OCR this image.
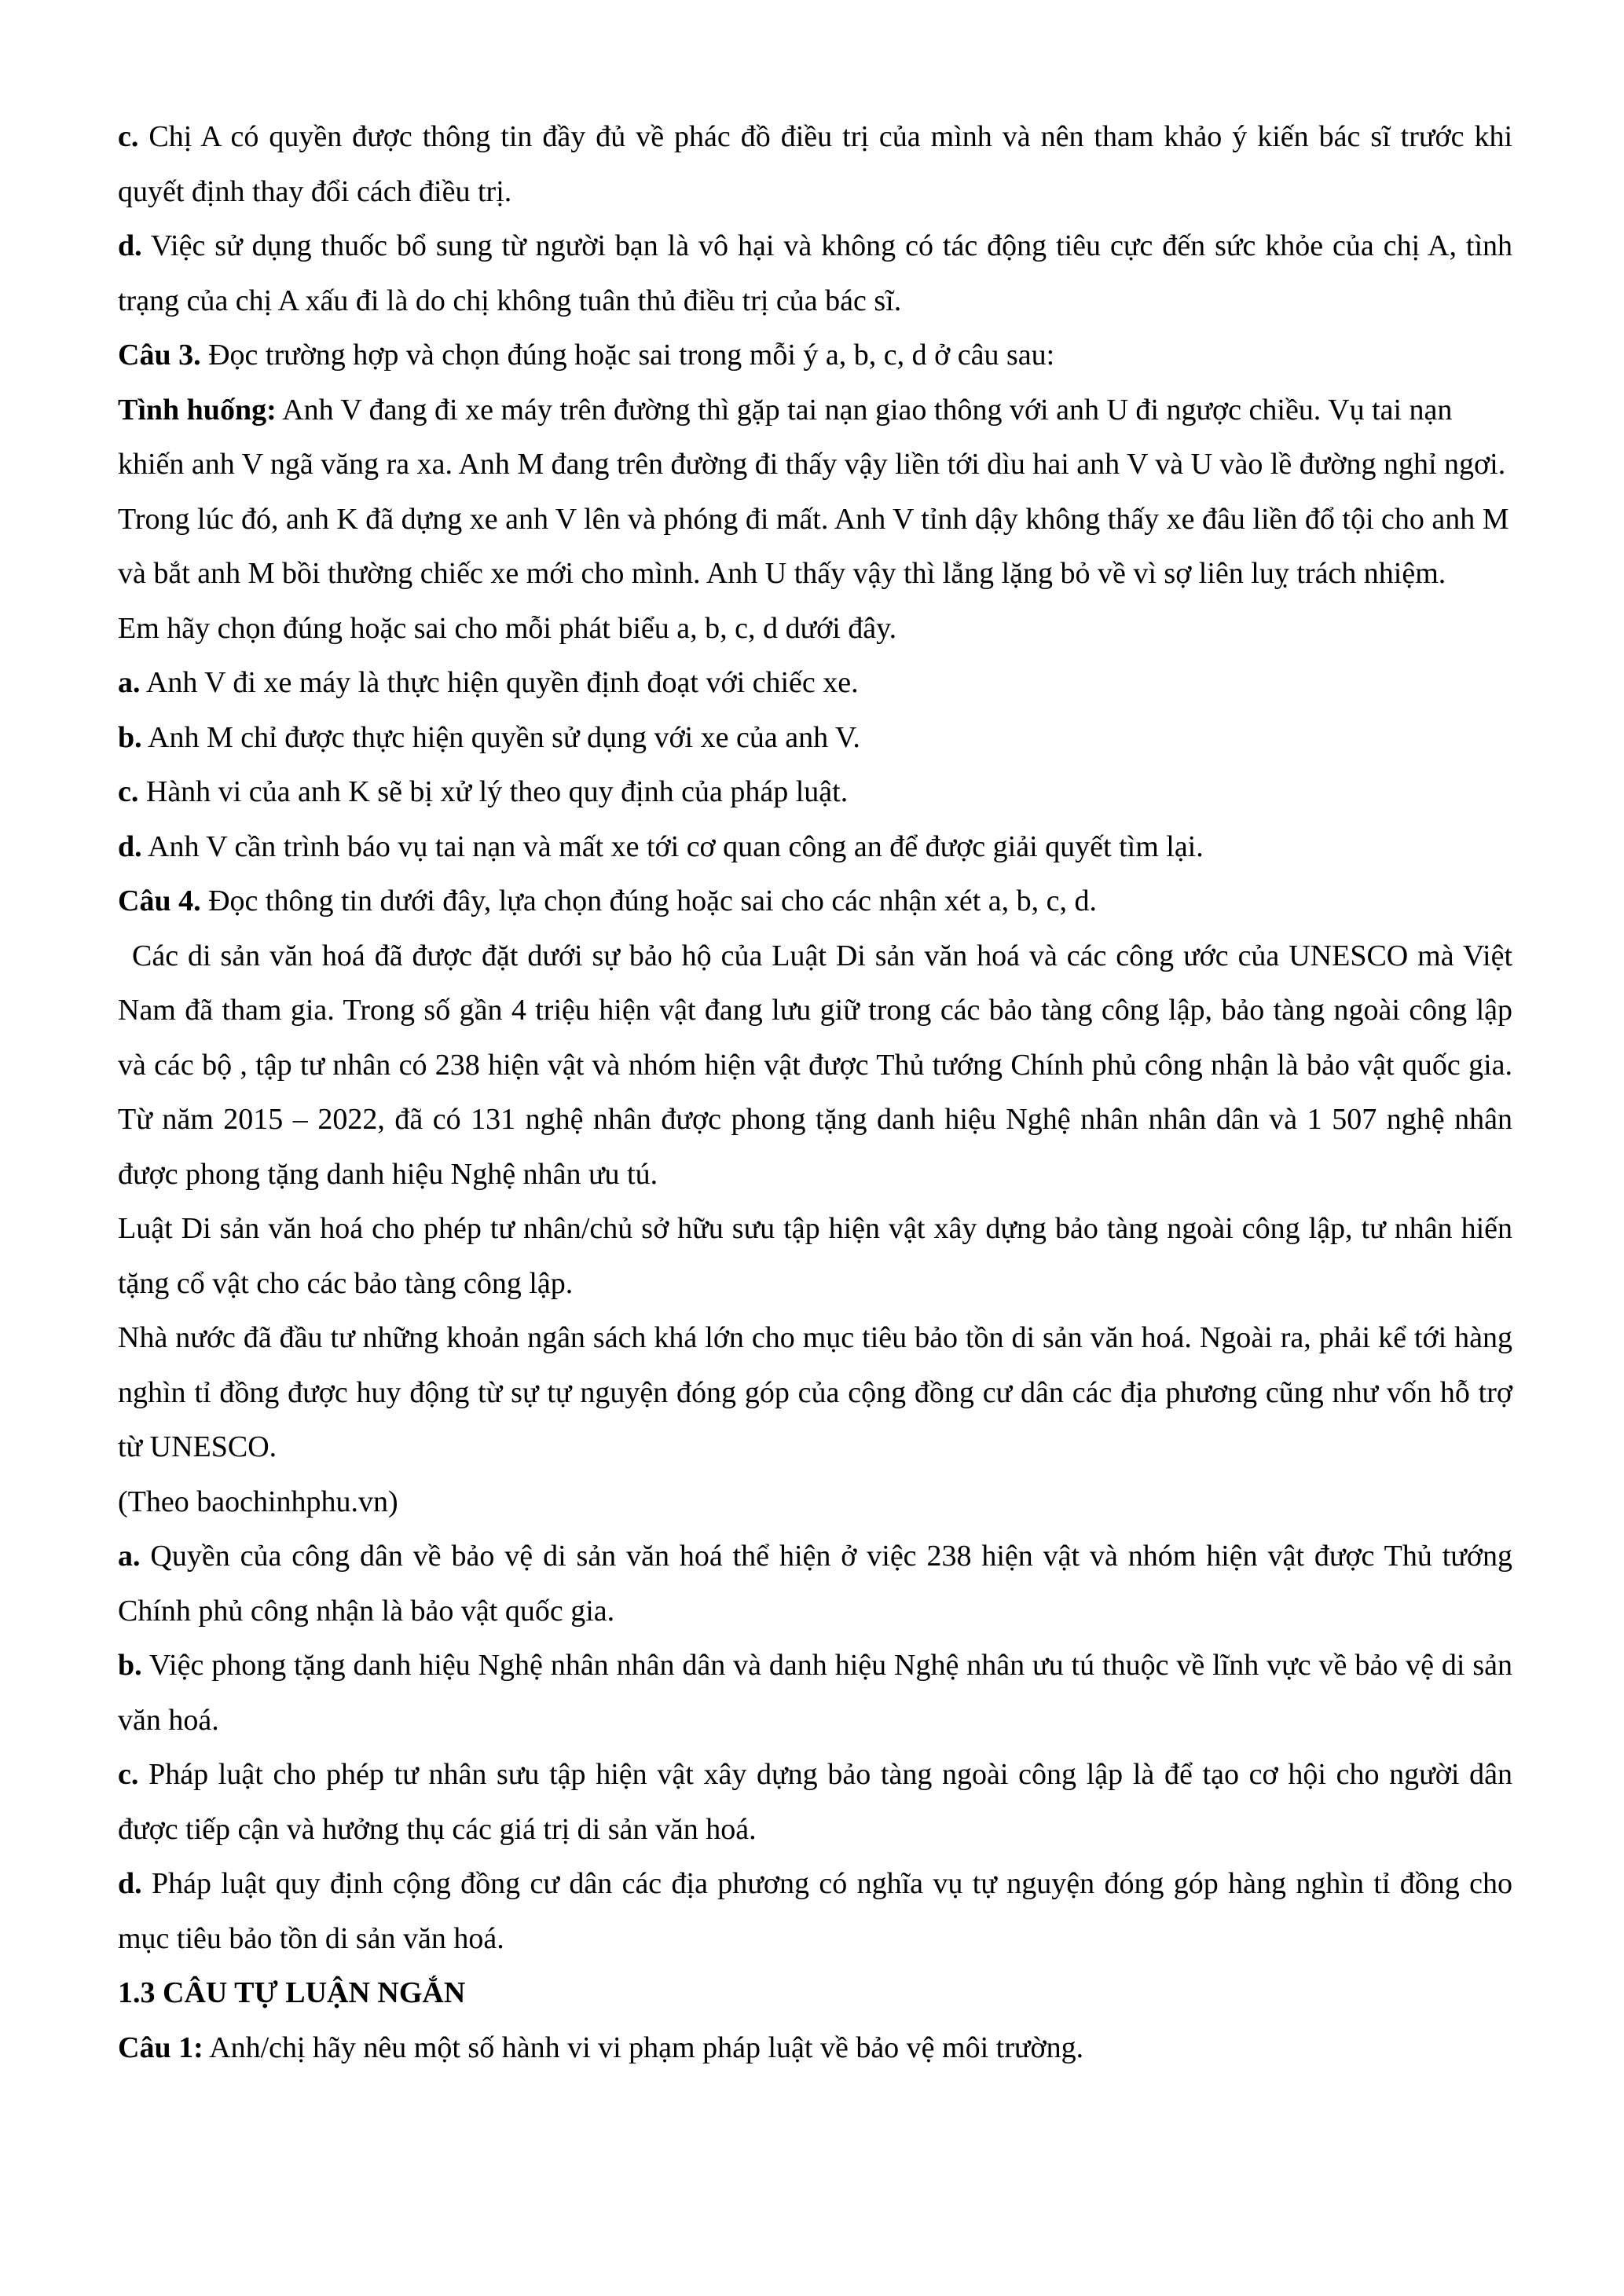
c. Chị A có quyền được thông tin đầy đủ về phác đồ điều trị của mình và nên tham khảo ý kiến bác sĩ trước khi quyết định thay đổi cách điều trị.

d. Việc sử dụng thuốc bổ sung từ người bạn là vô hại và không có tác động tiêu cực đến sức khỏe của chị A, tình trạng của chị A xấu đi là do chị không tuân thủ điều trị của bác sĩ.

Câu 3. Đọc trường hợp và chọn đúng hoặc sai trong mỗi ý a, b, c, d ở câu sau:

Tình huống: Anh V đang đi xe máy trên đường thì gặp tai nạn giao thông với anh U đi ngược chiều. Vụ tai nạn khiến anh V ngã văng ra xa. Anh M đang trên đường đi thấy vậy liền tới dìu hai anh V và U vào lề đường nghỉ ngơi. Trong lúc đó, anh K đã dựng xe anh V lên và phóng đi mất. Anh V tỉnh dậy không thấy xe đâu liền đổ tội cho anh M và bắt anh M bồi thường chiếc xe mới cho mình. Anh U thấy vậy thì lẳng lặng bỏ về vì sợ liên luỵ trách nhiệm.

Em hãy chọn đúng hoặc sai cho mỗi phát biểu a, b, c, d dưới đây.

a. Anh V đi xe máy là thực hiện quyền định đoạt với chiếc xe.

b. Anh M chỉ được thực hiện quyền sử dụng với xe của anh V.

c. Hành vi của anh K sẽ bị xử lý theo quy định của pháp luật.

d. Anh V cần trình báo vụ tai nạn và mất xe tới cơ quan công an để được giải quyết tìm lại.

Câu 4. Đọc thông tin dưới đây, lựa chọn đúng hoặc sai cho các nhận xét a, b, c, d.

Các di sản văn hoá đã được đặt dưới sự bảo hộ của Luật Di sản văn hoá và các công ước của UNESCO mà Việt Nam đã tham gia. Trong số gần 4 triệu hiện vật đang lưu giữ trong các bảo tàng công lập, bảo tàng ngoài công lập và các bộ , tập tư nhân có 238 hiện vật và nhóm hiện vật được Thủ tướng Chính phủ công nhận là bảo vật quốc gia. Từ năm 2015 – 2022, đã có 131 nghệ nhân được phong tặng danh hiệu Nghệ nhân nhân dân và 1 507 nghệ nhân được phong tặng danh hiệu Nghệ nhân ưu tú.

Luật Di sản văn hoá cho phép tư nhân/chủ sở hữu sưu tập hiện vật xây dựng bảo tàng ngoài công lập, tư nhân hiến tặng cổ vật cho các bảo tàng công lập.

Nhà nước đã đầu tư những khoản ngân sách khá lớn cho mục tiêu bảo tồn di sản văn hoá. Ngoài ra, phải kể tới hàng nghìn tỉ đồng được huy động từ sự tự nguyện đóng góp của cộng đồng cư dân các địa phương cũng như vốn hỗ trợ từ UNESCO.

(Theo baochinhphu.vn)

a. Quyền của công dân về bảo vệ di sản văn hoá thể hiện ở việc 238 hiện vật và nhóm hiện vật được Thủ tướng Chính phủ công nhận là bảo vật quốc gia.

b. Việc phong tặng danh hiệu Nghệ nhân nhân dân và danh hiệu Nghệ nhân ưu tú thuộc về lĩnh vực về bảo vệ di sản văn hoá.

c. Pháp luật cho phép tư nhân sưu tập hiện vật xây dựng bảo tàng ngoài công lập là để tạo cơ hội cho người dân được tiếp cận và hưởng thụ các giá trị di sản văn hoá.

d. Pháp luật quy định cộng đồng cư dân các địa phương có nghĩa vụ tự nguyện đóng góp hàng nghìn tỉ đồng cho mục tiêu bảo tồn di sản văn hoá.

1.3 CÂU TỰ LUẬN NGẮN

Câu 1: Anh/chị hãy nêu một số hành vi vi phạm pháp luật về bảo vệ môi trường.
